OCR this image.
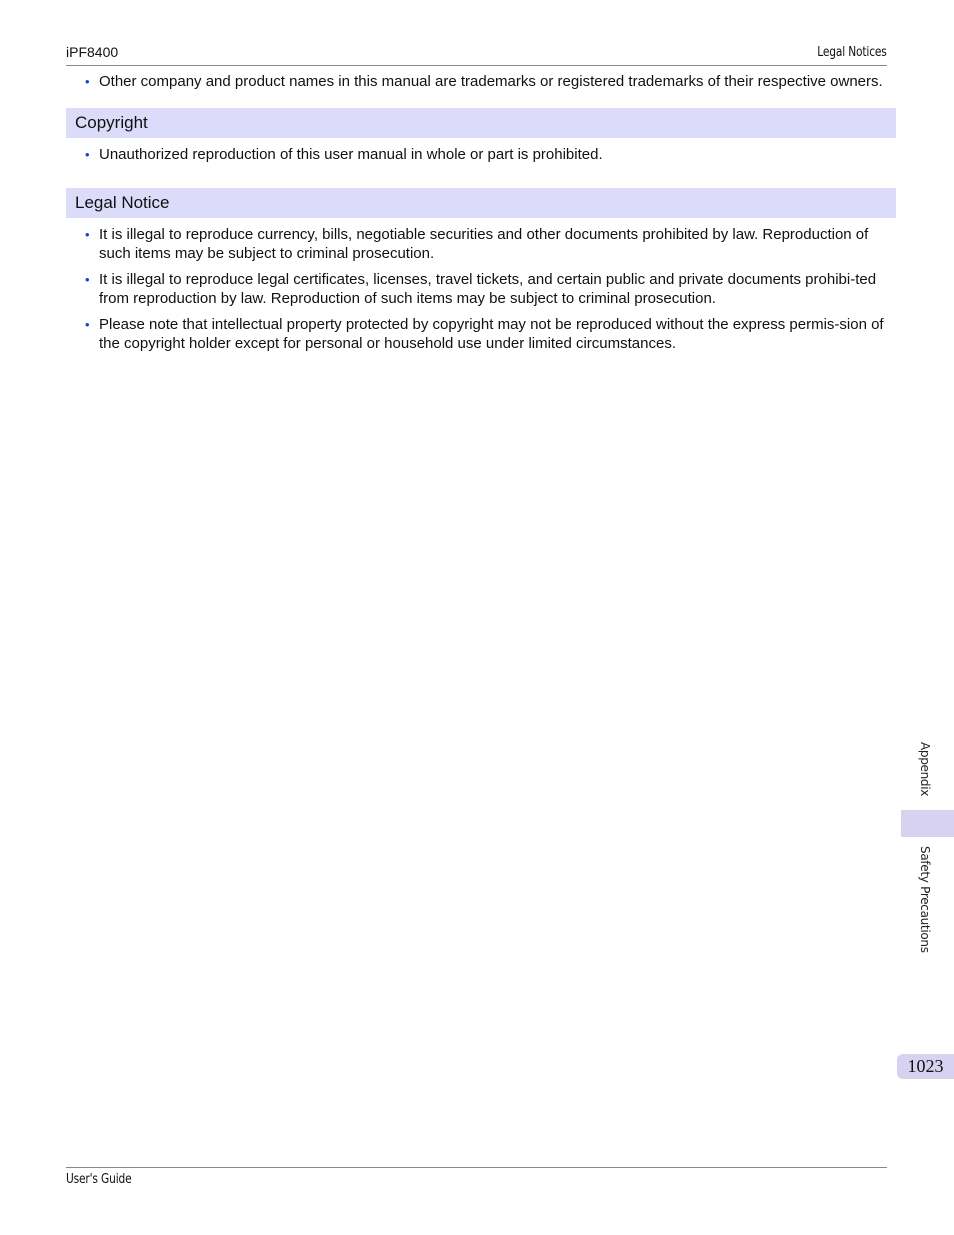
iPF8400	Legal Notices
• Other company and product names in this manual are trademarks or registered trademarks of their respective owners.
Copyright
• Unauthorized reproduction of this user manual in whole or part is prohibited.
Legal Notice
• It is illegal to reproduce currency, bills, negotiable securities and other documents prohibited by law. Reproduction of such items may be subject to criminal prosecution.
• It is illegal to reproduce legal certificates, licenses, travel tickets, and certain public and private documents prohibi-ted from reproduction by law. Reproduction of such items may be subject to criminal prosecution.
• Please note that intellectual property protected by copyright may not be reproduced without the express permis-sion of the copyright holder except for personal or household use under limited circumstances.
Appendix
Safety Precautions
1023
User's Guide
